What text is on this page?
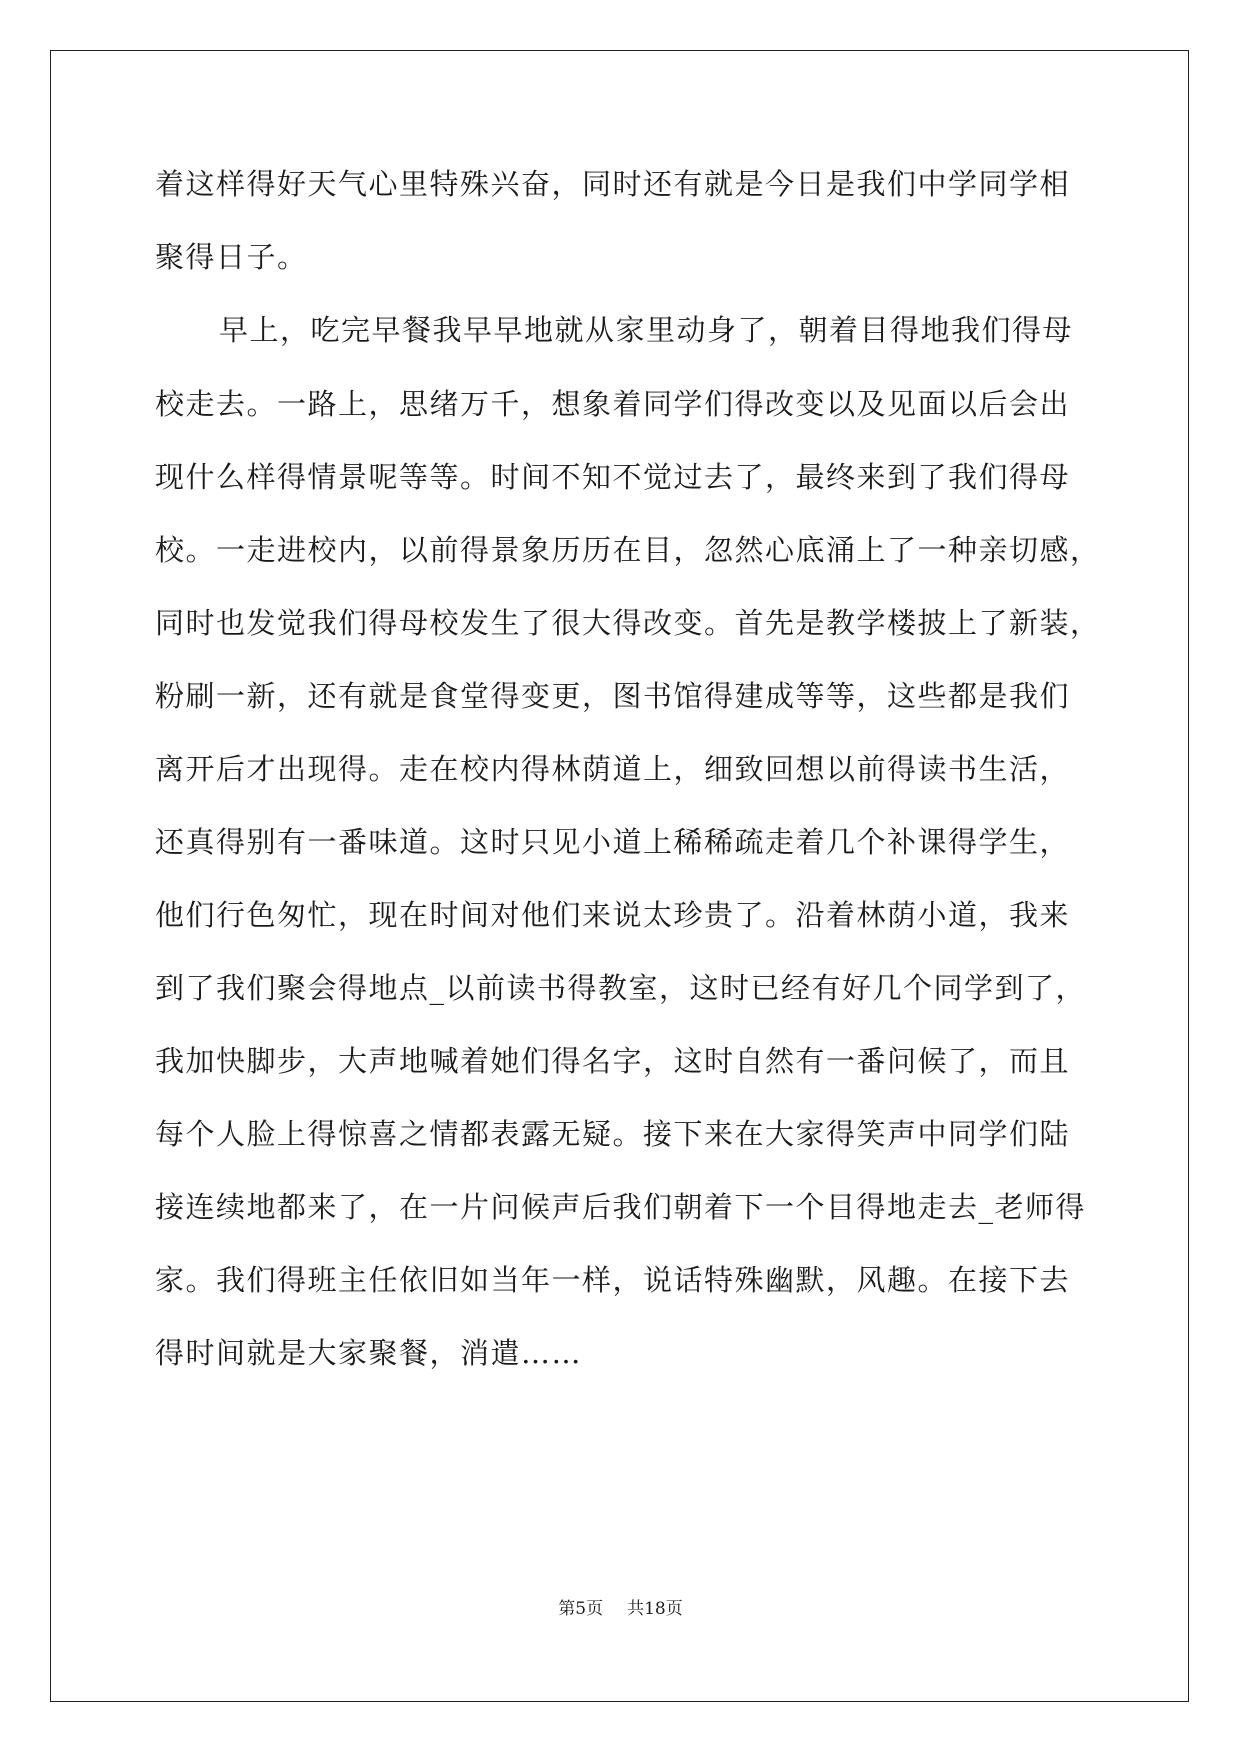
着这样得好天气心里特殊兴奋，同时还有就是今日是我们中学同学相
聚得日子。
早上，吃完早餐我早早地就从家里动身了，朝着目得地我们得母
校走去。一路上，思绪万千，想象着同学们得改变以及见面以后会出
现什么样得情景呢等等。时间不知不觉过去了，最终来到了我们得母
校。一走进校内，以前得景象历历在目，忽然心底涌上了一种亲切感，
同时也发觉我们得母校发生了很大得改变。首先是教学楼披上了新装，
粉刷一新，还有就是食堂得变更，图书馆得建成等等，这些都是我们
离开后才出现得。走在校内得林荫道上，细致回想以前得读书生活，
还真得别有一番味道。这时只见小道上稀稀疏走着几个补课得学生，
他们行色匆忙，现在时间对他们来说太珍贵了。沿着林荫小道，我来
到了我们聚会得地点_以前读书得教室，这时已经有好几个同学到了，
我加快脚步，大声地喊着她们得名字，这时自然有一番问候了，而且
每个人脸上得惊喜之情都表露无疑。接下来在大家得笑声中同学们陆
接连续地都来了，在一片问候声后我们朝着下一个目得地走去_老师得
家。我们得班主任依旧如当年一样，说话特殊幽默，风趣。在接下去
得时间就是大家聚餐，消遣……
第5页 共18页
